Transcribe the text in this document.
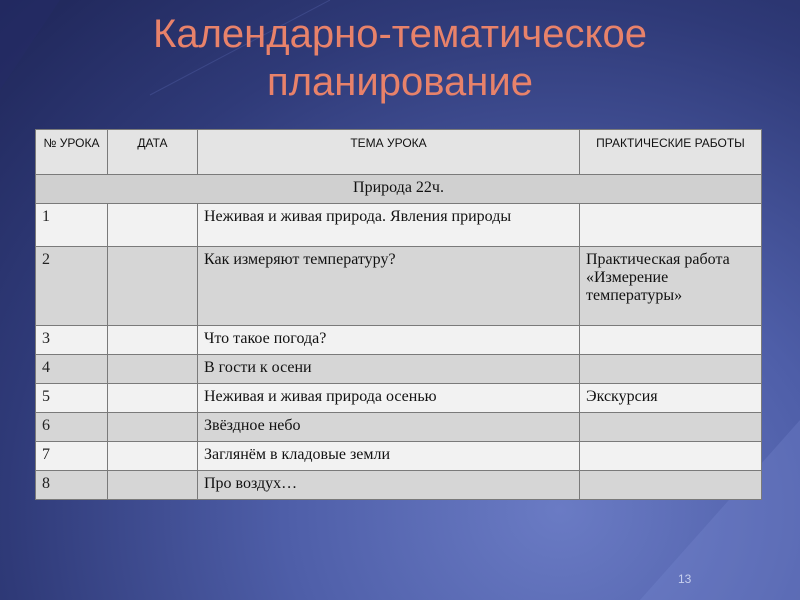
Календарно-тематическое
планирование
№ УРОКА	ДАТА	ТЕМА УРОКА	ПРАКТИЧЕСКИЕ РАБОТЫ
Природа 22ч.			
1		Неживая и живая природа. Явления природы	
2		Как измеряют температуру?	Практическая работа «Измерение температуры»
3		Что такое погода?	
4		В гости к осени	
5		Неживая и живая природа осенью	Экскурсия
6		Звёздное небо	
7		Заглянём в кладовые земли	
8		Про воздух…	
13
